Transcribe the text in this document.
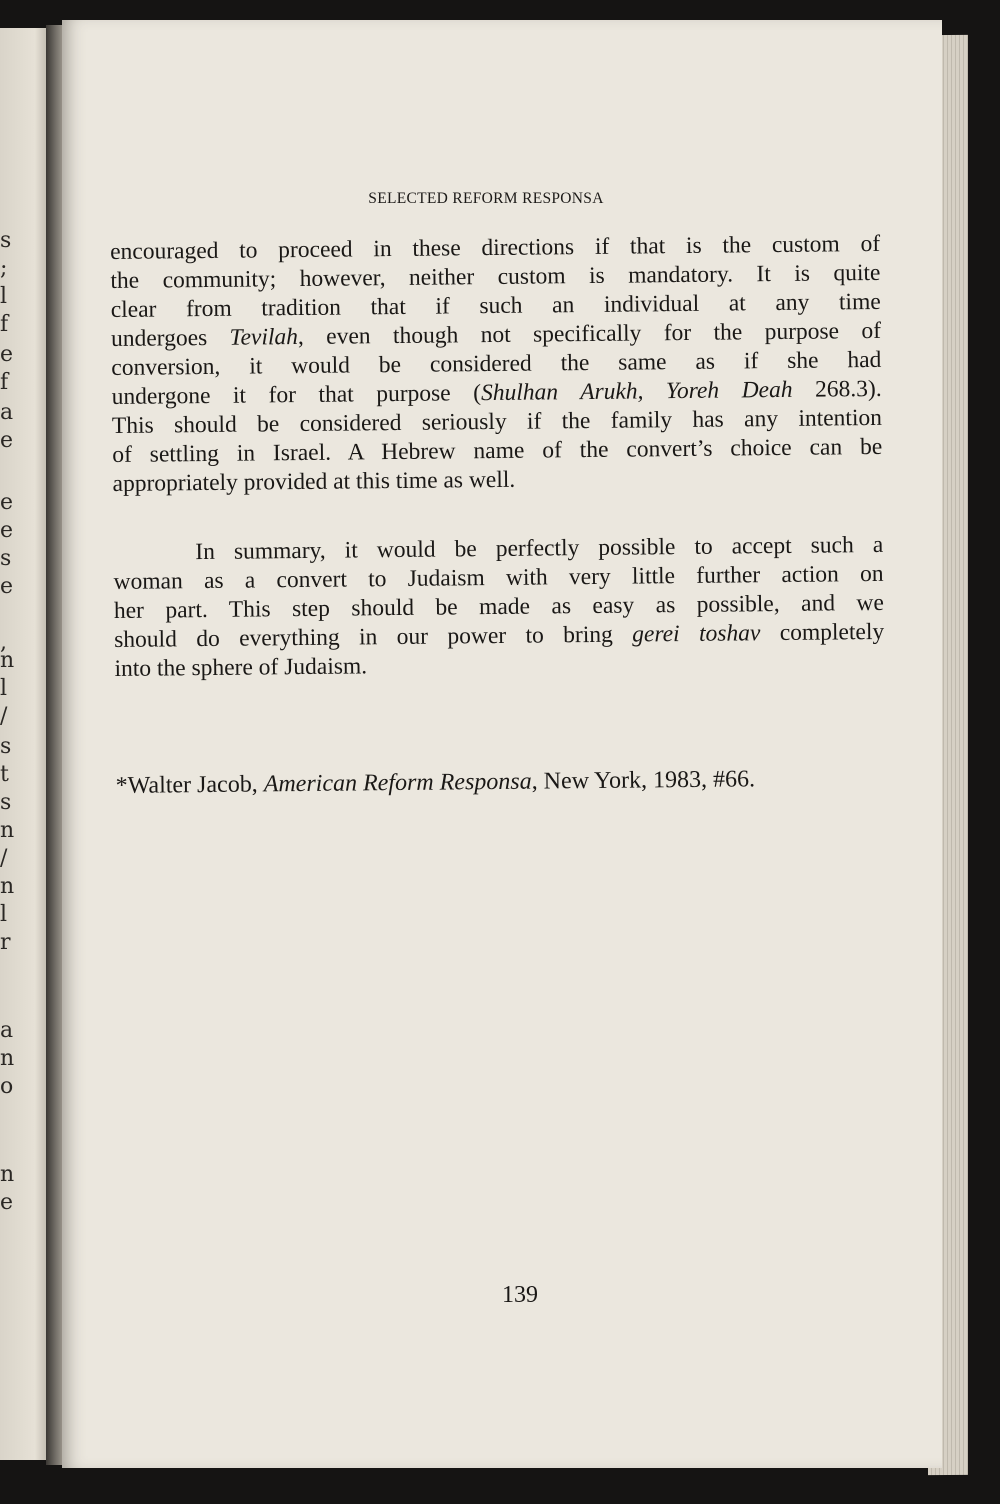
s
;
l
f
e
f
a
e
e
e
s
e
,
n
l
/
s
t
s
n
/
n
l
r
a
n
o
n
e

SELECTED REFORM RESPONSA
encouraged to proceed in these directions if that is the custom of
the community; however, neither custom is mandatory. It is quite
clear from tradition that if such an individual at any time
undergoes Tevilah, even though not specifically for the purpose of
conversion, it would be considered the same as if she had
undergone it for that purpose (Shulhan Arukh, Yoreh Deah 268.3).
This should be considered seriously if the family has any intention
of settling in Israel. A Hebrew name of the convert’s choice can be
appropriately provided at this time as well.
In summary, it would be perfectly possible to accept such a
woman as a convert to Judaism with very little further action on
her part. This step should be made as easy as possible, and we
should do everything in our power to bring gerei toshav completely
into the sphere of Judaism.
*Walter Jacob, American Reform Responsa, New York, 1983, #66.
139
